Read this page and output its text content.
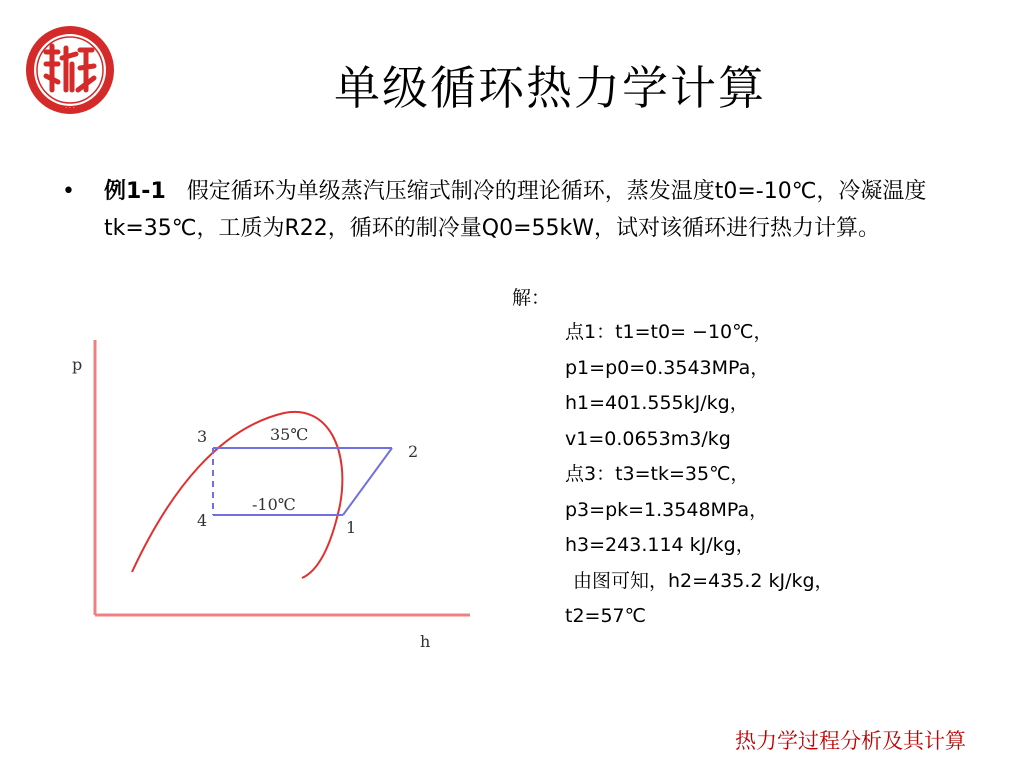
· · ·	单级循环热力学计算
• 例1-1 假定循环为单级蒸汽压缩式制冷的理论循环，蒸发温度t0=-10℃，冷凝温度tk=35℃，工质为R22，循环的制冷量Q0=55kW，试对该循环进行热力计算。
p
h
1
2
3
4
35℃
-10℃
解：
点1：t1=t0= −10℃，
p1=p0=0.3543MPa，
h1=401.555kJ/kg，
v1=0.0653m3/kg
点3：t3=tk=35℃，
p3=pk=1.3548MPa，
h3=243.114 kJ/kg，
由图可知，h2=435.2 kJ/kg，
t2=57℃
热力学过程分析及其计算
